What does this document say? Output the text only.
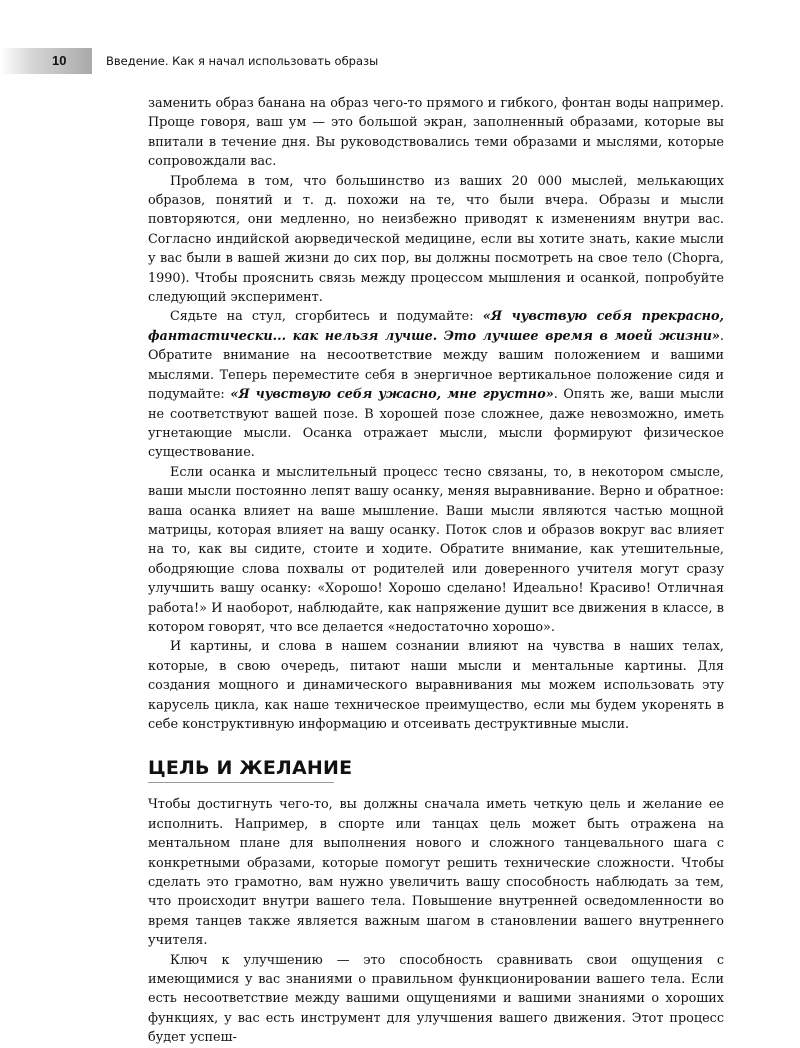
10	Введение. Как я начал использовать образы

заменить образ банана на образ чего-то прямого и гибкого, фонтан воды например. Проще говоря, ваш ум — это большой экран, заполненный образами, которые вы впитали в течение дня. Вы руководствовались теми образами и мыслями, которые сопровождали вас.

Проблема в том, что большинство из ваших 20 000 мыслей, мелькающих образов, понятий и т. д. похожи на те, что были вчера. Образы и мысли повторяются, они медленно, но неизбежно приводят к изменениям внутри вас. Согласно индийской аюрведической медицине, если вы хотите знать, какие мысли у вас были в вашей жизни до сих пор, вы должны посмотреть на свое тело (Chopra, 1990). Чтобы прояснить связь между процессом мышления и осанкой, попробуйте следующий эксперимент.

Сядьте на стул, сгорбитесь и подумайте: «Я чувствую себя прекрасно, фантастически... как нельзя лучше. Это лучшее время в моей жизни». Обратите внимание на несоответствие между вашим положением и вашими мыслями. Теперь переместите себя в энергичное вертикальное положение сидя и подумайте: «Я чувствую себя ужасно, мне грустно». Опять же, ваши мысли не соответствуют вашей позе. В хорошей позе сложнее, даже невозможно, иметь угнетающие мысли. Осанка отражает мысли, мысли формируют физическое существование.

Если осанка и мыслительный процесс тесно связаны, то, в некотором смысле, ваши мысли постоянно лепят вашу осанку, меняя выравнивание. Верно и обратное: ваша осанка влияет на ваше мышление. Ваши мысли являются частью мощной матрицы, которая влияет на вашу осанку. Поток слов и образов вокруг вас влияет на то, как вы сидите, стоите и ходите. Обратите внимание, как утешительные, ободряющие слова похвалы от родителей или доверенного учителя могут сразу улучшить вашу осанку: «Хорошо! Хорошо сделано! Идеально! Красиво! Отличная работа!» И наоборот, наблюдайте, как напряжение душит все движения в классе, в котором говорят, что все делается «недостаточно хорошо».

И картины, и слова в нашем сознании влияют на чувства в наших телах, которые, в свою очередь, питают наши мысли и ментальные картины. Для создания мощного и динамического выравнивания мы можем использовать эту карусель цикла, как наше техническое преимущество, если мы будем укоренять в себе конструктивную информацию и отсеивать деструктивные мысли.

ЦЕЛЬ И ЖЕЛАНИЕ

Чтобы достигнуть чего-то, вы должны сначала иметь четкую цель и желание ее исполнить. Например, в спорте или танцах цель может быть отражена на ментальном плане для выполнения нового и сложного танцевального шага с конкретными образами, которые помогут решить технические сложности. Чтобы сделать это грамотно, вам нужно увеличить вашу способность наблюдать за тем, что происходит внутри вашего тела. Повышение внутренней осведомленности во время танцев также является важным шагом в становлении вашего внутреннего учителя.

Ключ к улучшению — это способность сравнивать свои ощущения с имеющимися у вас знаниями о правильном функционировании вашего тела. Если есть несоответствие между вашими ощущениями и вашими знаниями о хороших функциях, у вас есть инструмент для улучшения вашего движения. Этот процесс будет успеш-
